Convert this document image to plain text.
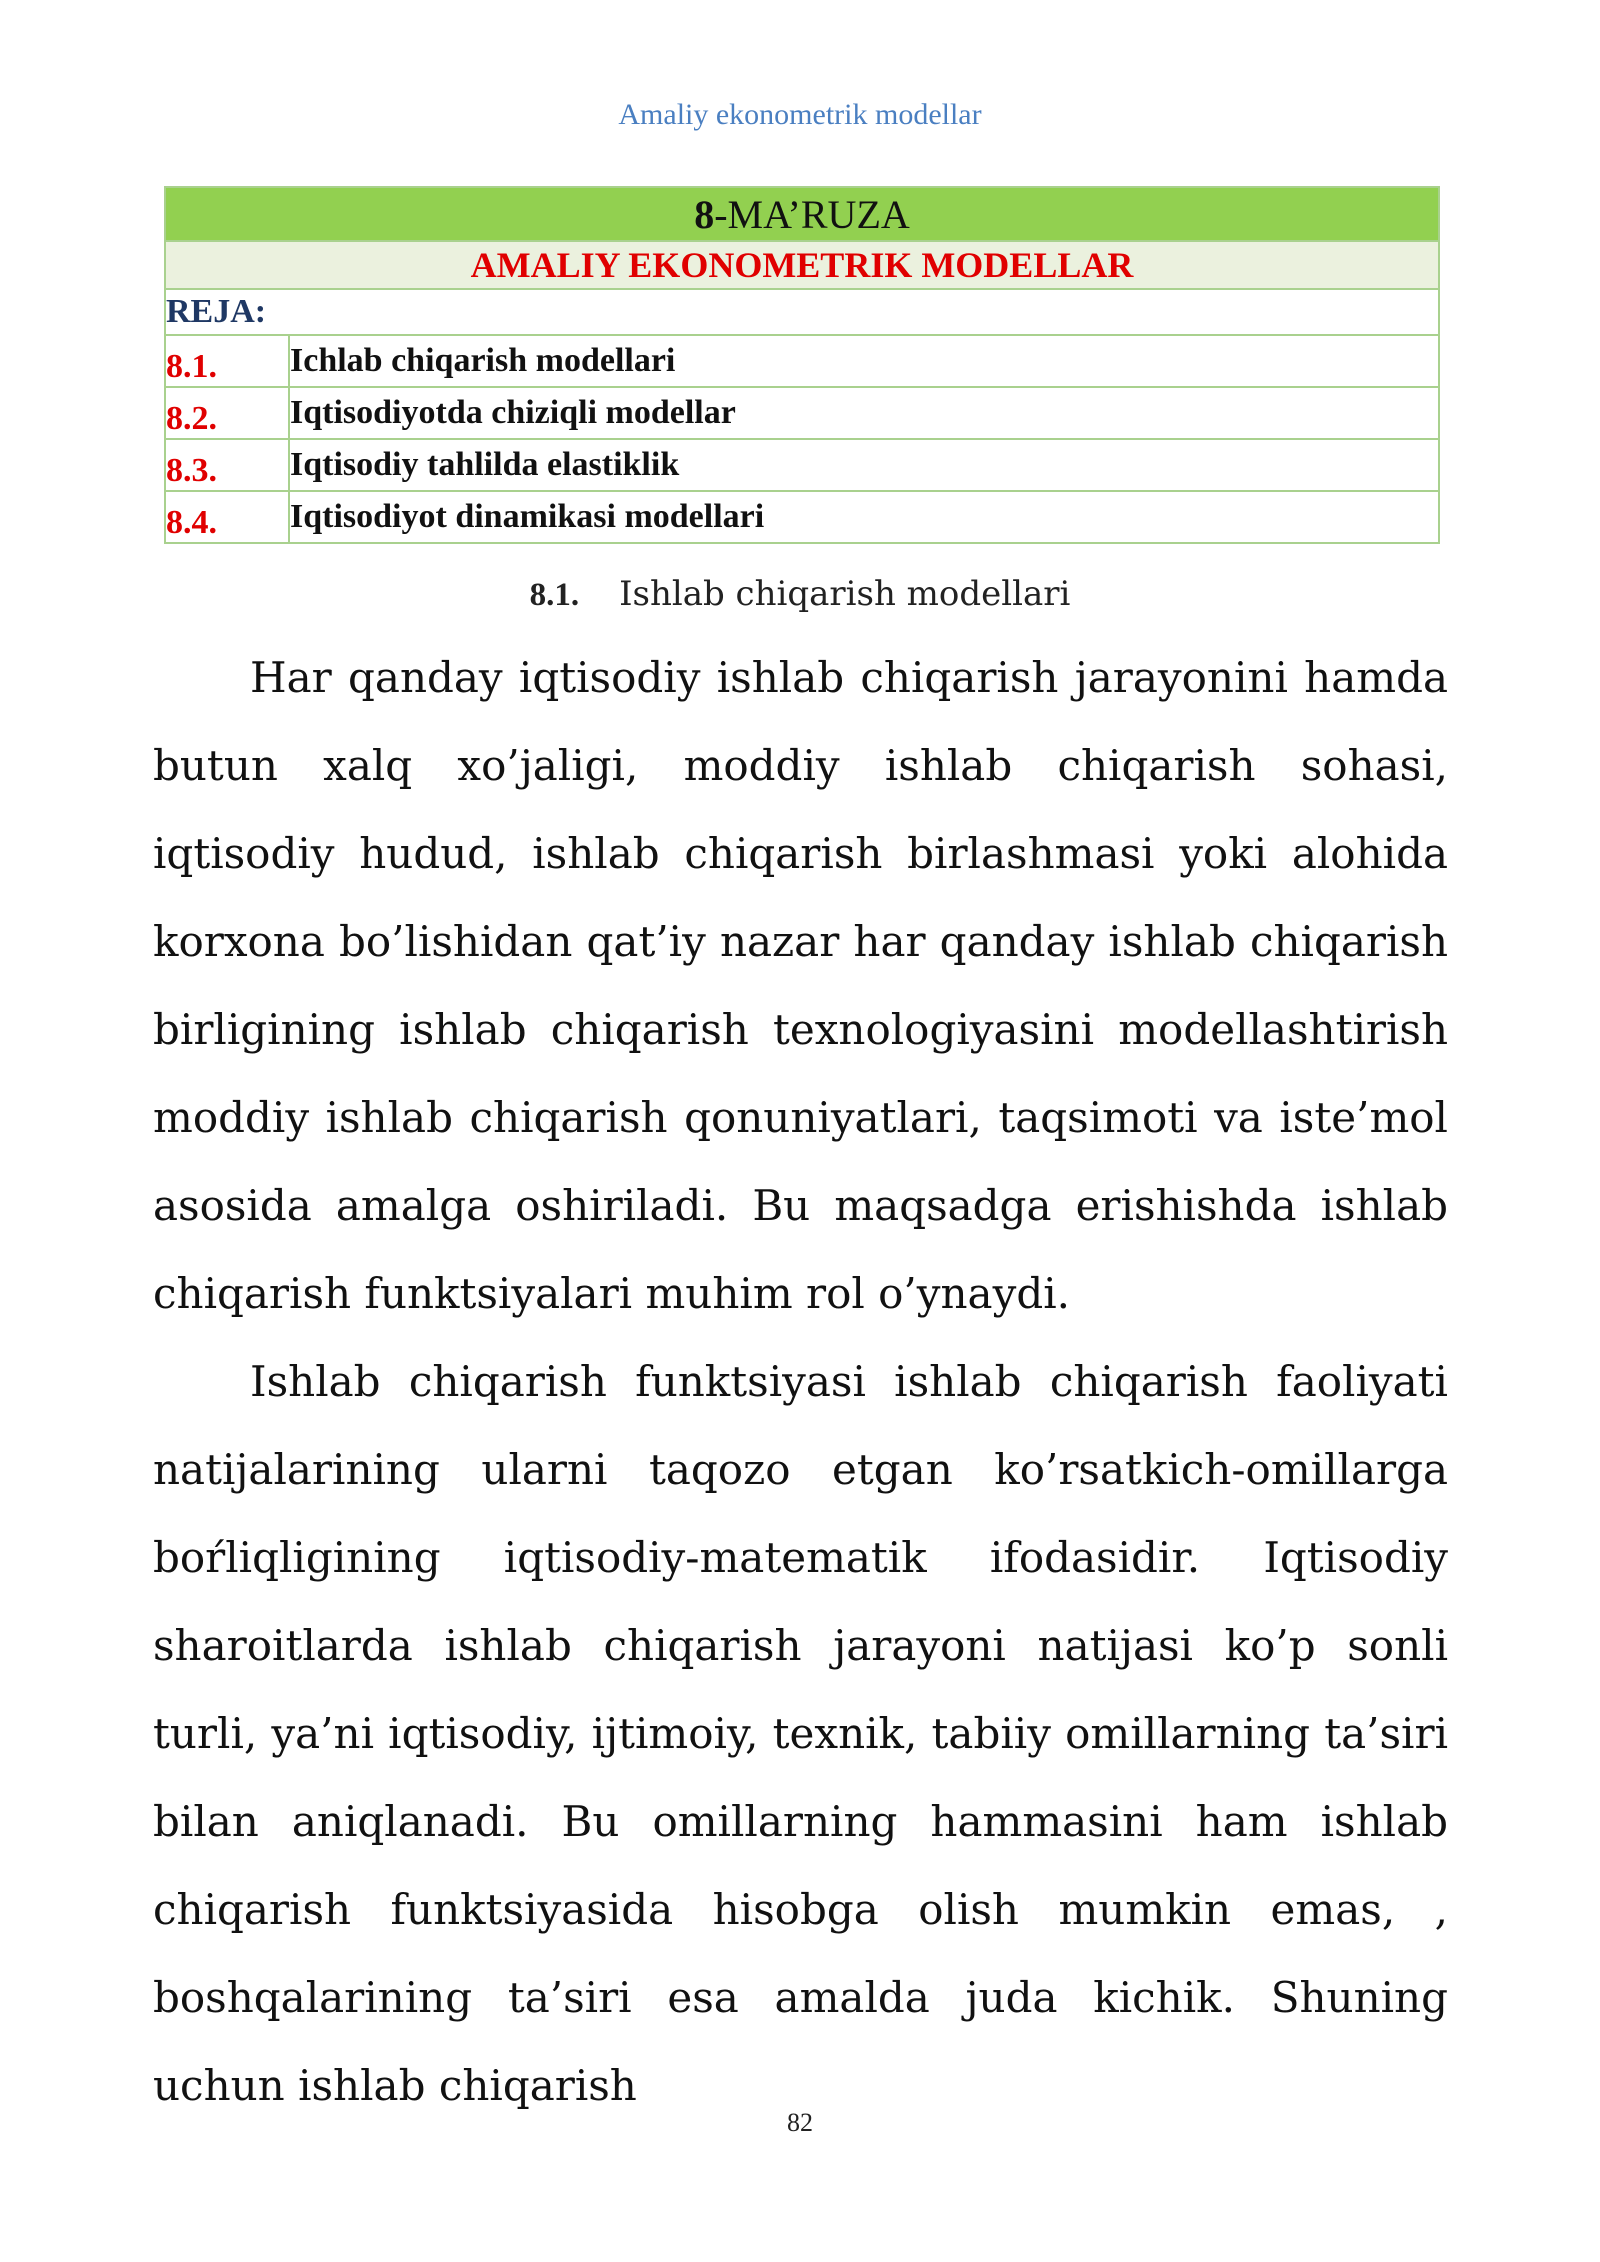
Amaliy ekonometrik modellar
8-MA’RUZA	
AMALIY EKONOMETRIK MODELLAR	
REJA:	
8.1.	Ichlab chiqarish modellari
8.2.	Iqtisodiyotda chiziqli modellar
8.3.	Iqtisodiy tahlilda elastiklik
8.4.	Iqtisodiyot dinamikasi modellari
8.1. Ishlab chiqarish modellari

Har qanday iqtisodiy ishlab chiqarish jarayonini hamda butun xalq xo’jaligi, moddiy ishlab chiqarish sohasi, iqtisodiy hudud, ishlab chiqarish birlashmasi yoki alohida korxona bo’lishidan qat’iy nazar har qanday ishlab chiqarish birligining ishlab chiqarish texnologiyasini modellashtirish moddiy ishlab chiqarish qonuniyatlari, taqsimoti va iste’mol asosida amalga oshiriladi. Bu maqsadga erishishda ishlab chiqarish funktsiyalari muhim rol o’ynaydi.

Ishlab chiqarish funktsiyasi ishlab chiqarish faoliyati natijalarining ularni taqozo etgan ko’rsatkich-omillarga boŕliqligining iqtisodiy-matematik ifodasidir. Iqtisodiy sharoitlarda ishlab chiqarish jarayoni natijasi ko’p sonli turli, ya’ni iqtisodiy, ijtimoiy, texnik, tabiiy omillarning ta’siri bilan aniqlanadi. Bu omillarning hammasini ham ishlab chiqarish funktsiyasida hisobga olish mumkin emas, , boshqalarining ta’siri esa amalda juda kichik. Shuning uchun ishlab chiqarish

82
